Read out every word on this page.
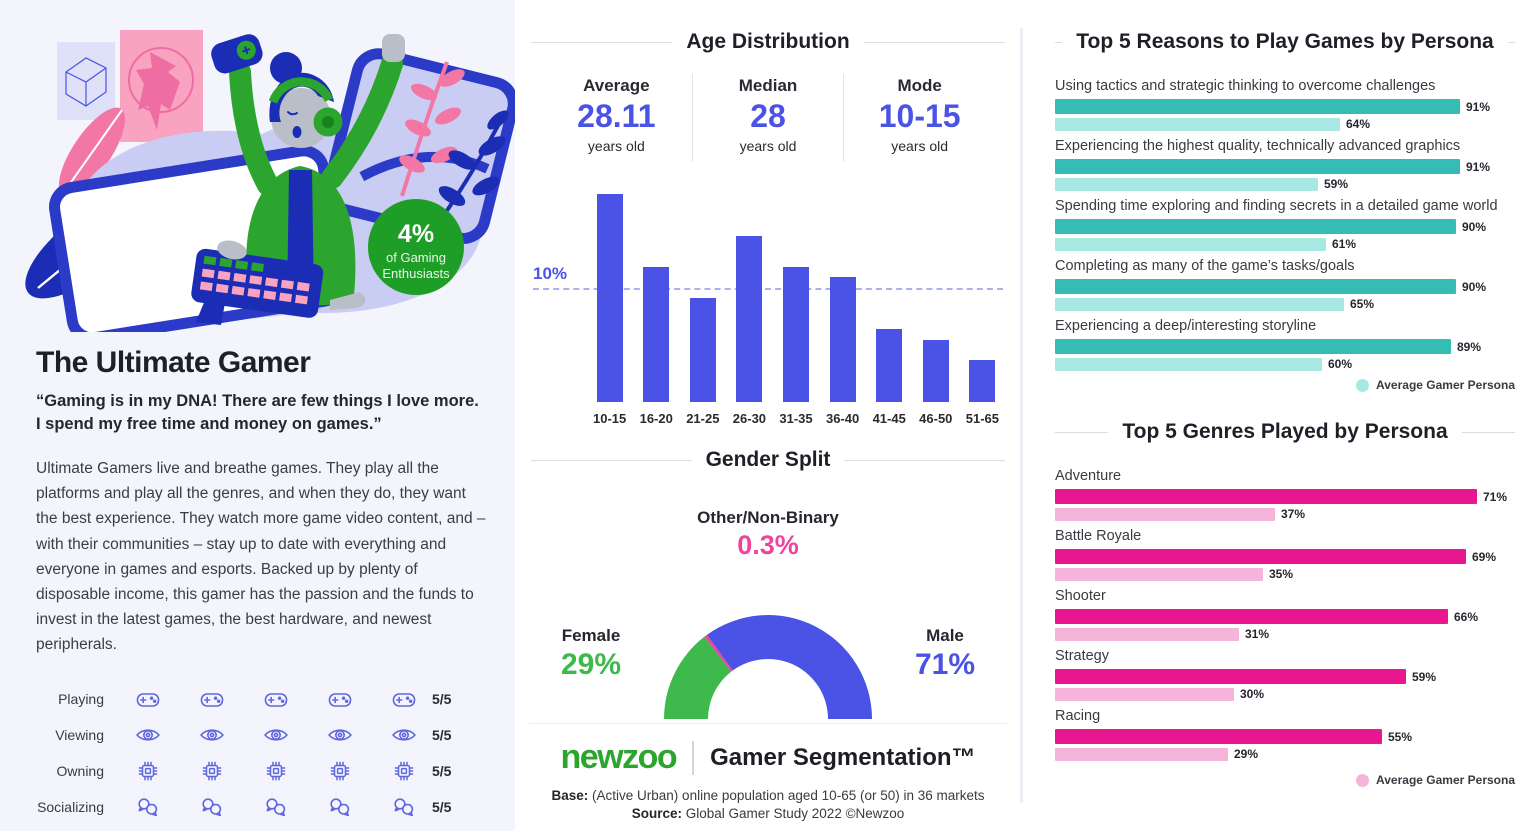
4%
of Gaming
Enthusiasts
The Ultimate Gamer

“Gaming is in my DNA! There are few things I love more.
I spend my free time and money on games.”

Ultimate Gamers live and breathe games. They play all the platforms and play all the genres, and when they do, they want the best experience. They watch more game video content, and – with their communities – stay up to date with everything and everyone in games and esports. Backed up by plenty of disposable income, this gamer has the passion and the funds to invest in the latest games, the best hardware, and newest peripherals.

Playing	5/5
Viewing	5/5
Owning	5/5
Socializing	5/5
Age Distribution
Average
28.11
years old
Median
28
years old
Mode
10-15
years old
10%
10-15 16-20 21-25 26-30 31-35 36-40 41-45 46-50 51-65
Gender Split
Other/Non-Binary
0.3%
Female
29%
Male
71%
newzoo Gamer Segmentation™
Base: (Active Urban) online population aged 10-65 (or 50) in 36 markets
Source: Global Gamer Study 2022 ©Newzoo
Top 5 Reasons to Play Games by Persona
Using tactics and strategic thinking to overcome challenges
91%
64%
Experiencing the highest quality, technically advanced graphics
91%
59%
Spending time exploring and finding secrets in a detailed game world
90%
61%
Completing as many of the game’s tasks/goals
90%
65%
Experiencing a deep/interesting storyline
89%
60%
Average Gamer Persona
Top 5 Genres Played by Persona
Adventure
71%
37%
Battle Royale
69%
35%
Shooter
66%
31%
Strategy
59%
30%
Racing
55%
29%
Average Gamer Persona
